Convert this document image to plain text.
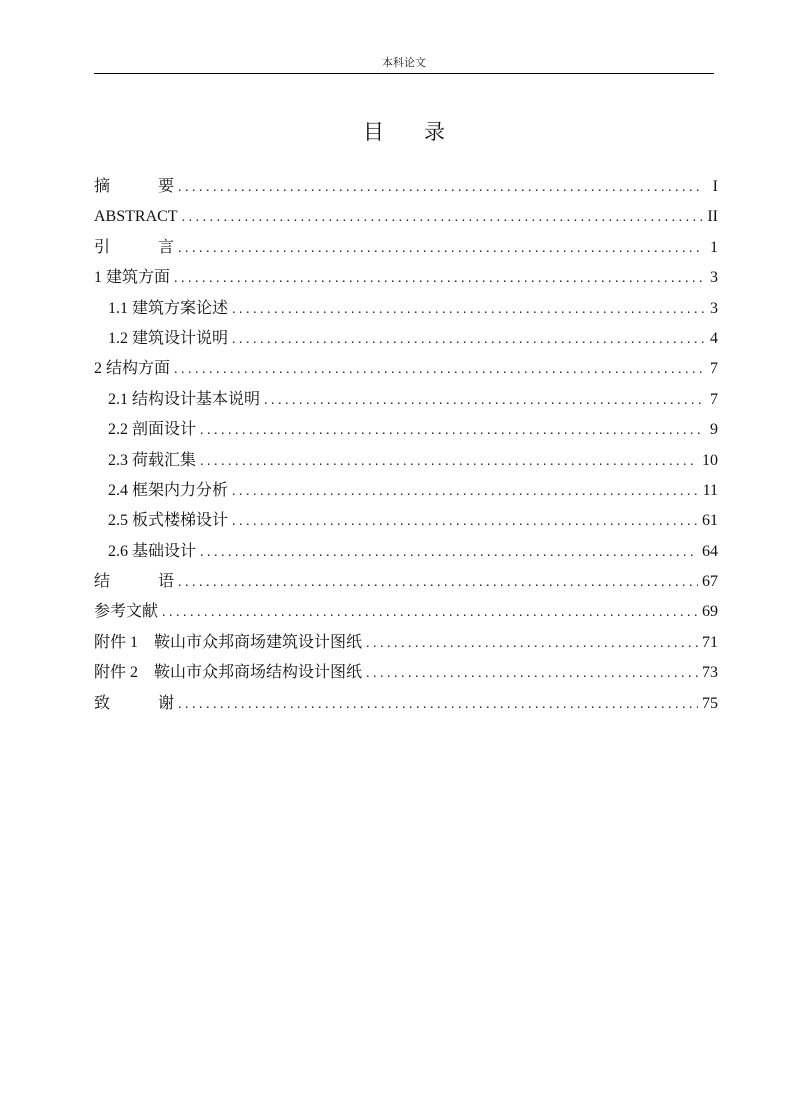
本科论文
目录
摘	要 . . .	I
ABSTRACT . . .	II
引	言 . . .	1
1 建筑方面 . . .	3
1.1 建筑方案论述 . . .	3
1.2 建筑设计说明 . . .	4
2 结构方面 . . .	7
2.1 结构设计基本说明 . . .	7
2.2 剖面设计 . . .	9
2.3 荷载汇集 . . .	10
2.4 框架内力分析 . . .	11
2.5 板式楼梯设计 . . .	61
2.6 基础设计 . . .	64
结	语 . . .	67
参考文献 . . .	69
附件 1    鞍山市众邦商场建筑设计图纸 . . .	71
附件 2    鞍山市众邦商场结构设计图纸 . . .	73
致	谢 . . .	75
